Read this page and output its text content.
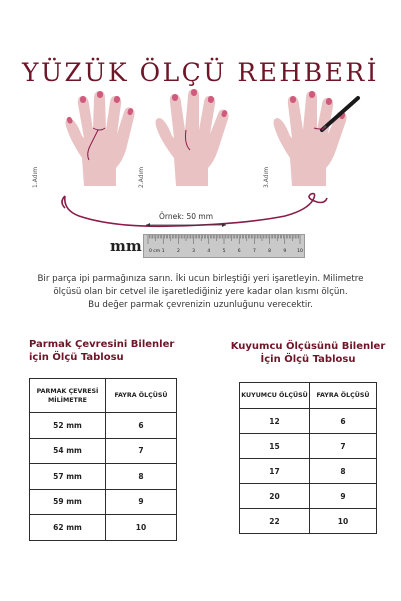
YÜZÜK ÖLÇÜ REHBERİ
1.Adım	2.Adım	3.Adım
Örnek: 50 mm
mm 0 cm 1	2	3	4	5	6	7	8	9 10
Bir parça ipi parmağınıza sarın. İki ucun birleştiği yeri işaretleyin. Milimetre
ölçüsü olan bir cetvel ile işaretlediğiniz yere kadar olan kısmı ölçün.
Bu değer parmak çevrenizin uzunluğunu verecektir.
Parmak Çevresini Bilenler
için Ölçü Tablosu
PARMAK ÇEVRESİ MİLİMETRE	FAYRA ÖLÇÜSÜ
52 mm	6
54 mm	7
57 mm	8
59 mm	9
62 mm	10
Kuyumcu Ölçüsünü Bilenler
İçin Ölçü Tablosu
KUYUMCU ÖLÇÜSÜ	FAYRA ÖLÇÜSÜ
12	6
15	7
17	8
20	9
22	10
